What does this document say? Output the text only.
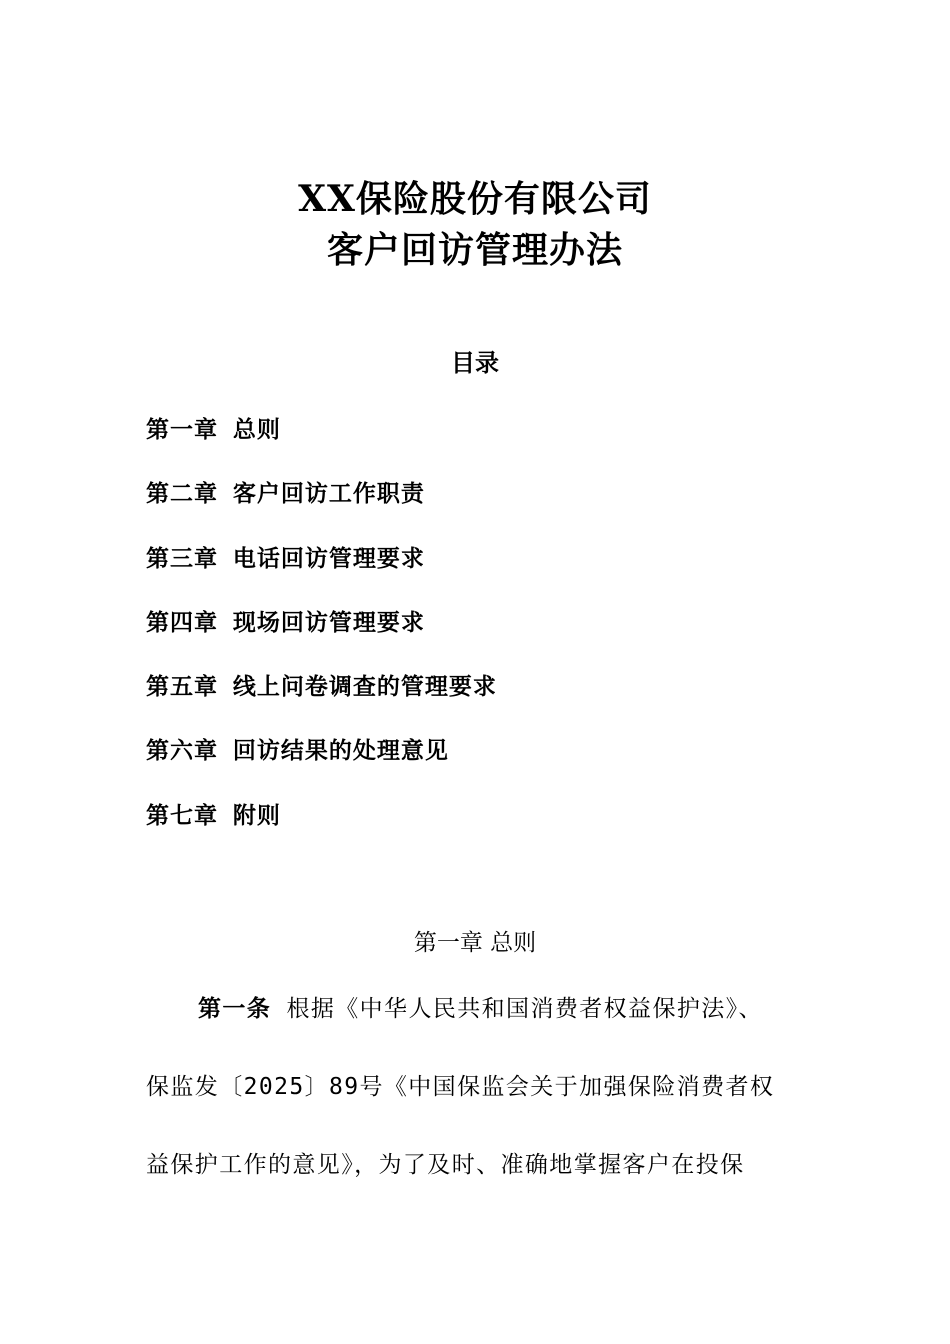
XX保险股份有限公司
客户回访管理办法
目录
第一章 总则
第二章 客户回访工作职责
第三章 电话回访管理要求
第四章 现场回访管理要求
第五章 线上问卷调查的管理要求
第六章 回访结果的处理意见
第七章 附则
第一章 总则
第一条 根据《中华人民共和国消费者权益保护法》、
保监发〔2025〕89号《中国保监会关于加强保险消费者权
益保护工作的意见》，为了及时、准确地掌握客户在投保
